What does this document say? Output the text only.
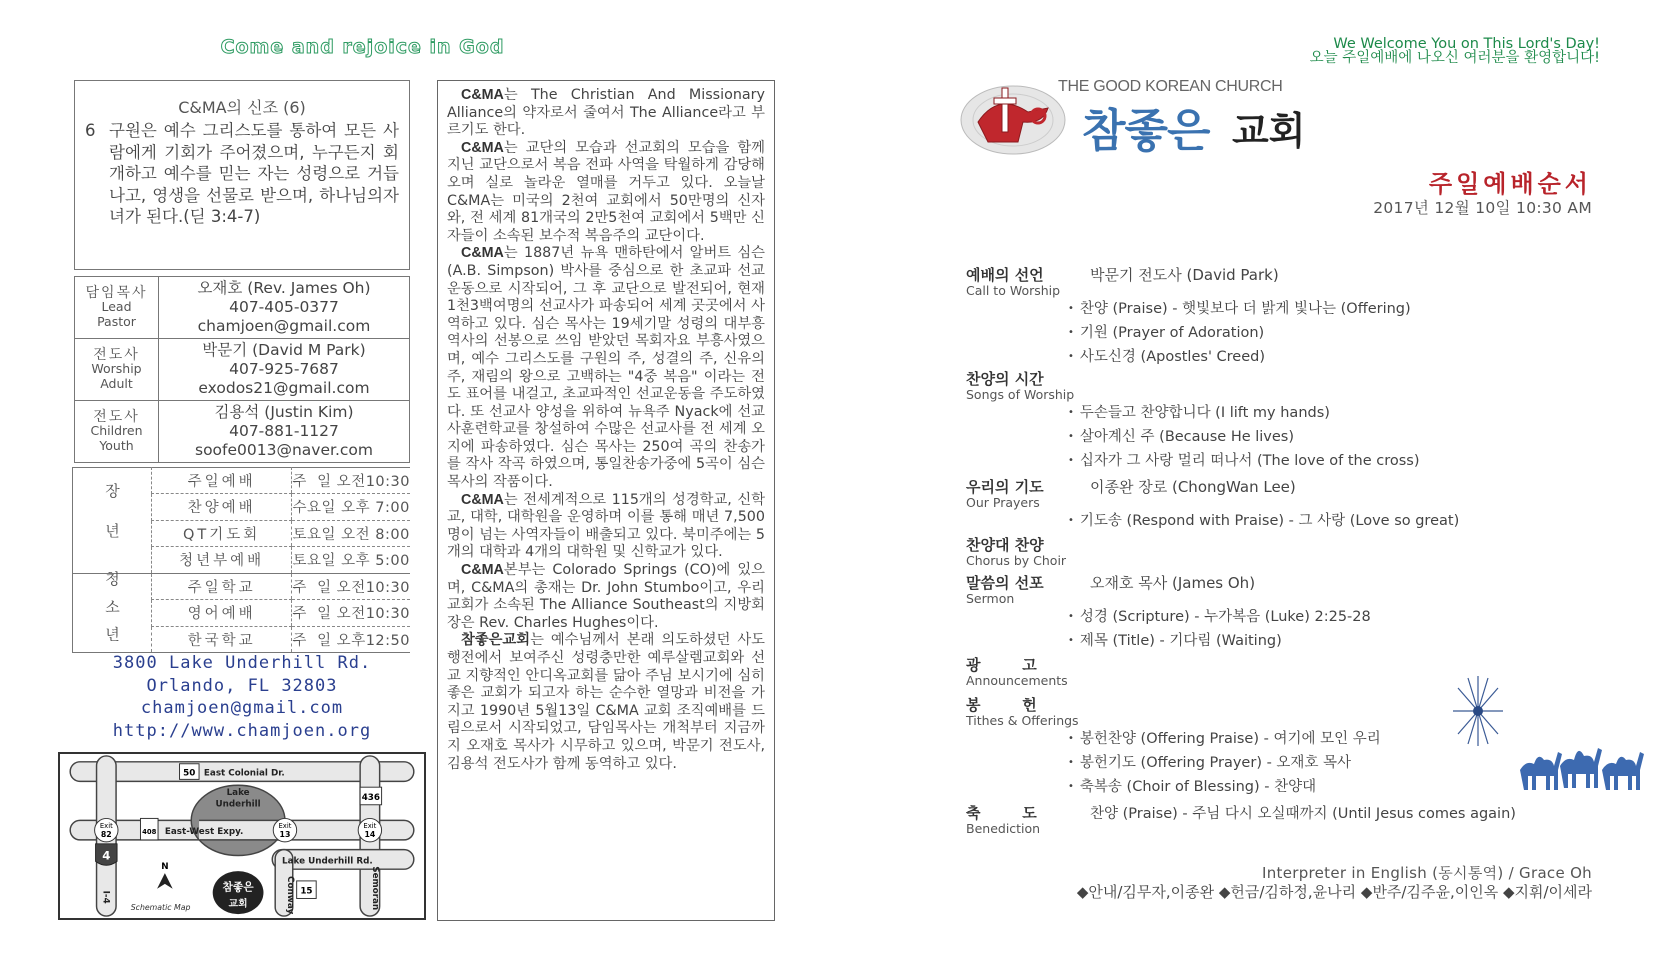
Come and rejoice in God
C&MA의 신조 (6)
6 구원은 예수 그리스도를 통하여 모든 사람에게 기회가 주어졌으며, 누구든지 회개하고 예수를 믿는 자는 성령으로 거듭나고, 영생을 선물로 받으며, 하나님의자녀가 된다.(딛 3:4-7)
담임목사
Lead
Pastor

오재호 (Rev. James Oh)
407-405-0377
chamjoen@gmail.com

전도사
Worship
Adult

박문기 (David M Park)
407-925-7687
exodos21@gmail.com

전도사
Children
Youth

김용석 (Justin Kim)
407-881-1127
soofe0013@naver.com
장 년	주일예배	주  일 오전10:30
	찬양예배	수요일 오후 7:00
	QT기도회	토요일 오전 8:00
	청년부예배	토요일 오후 5:00
청 소 년	주일학교	주  일 오전10:30
	영어예배	주  일 오전10:30
	한국학교	주  일 오후12:50
3800 Lake Underhill Rd.
Orlando, FL 32803
chamjoen@gmail.com
http://www.chamjoen.org
Lake
Underhill
East Colonial Dr.
East-West Expy.
Lake Underhill Rd.
Conway	Semoran
I-4
50
436
408
15
4
Exit
82
Exit
13
Exit
14
N
Schematic Map
참좋은
교회

C&MA는 The Christian And Missionary Alliance의 약자로서 줄여서 The Alliance라고 부르기도 한다.

C&MA는 교단의 모습과 선교회의 모습을 함께 지닌 교단으로서 복음 전파 사역을 탁월하게 감당해 오며 실로 놀라운 열매를 거두고 있다. 오늘날 C&MA는 미국의 2천여 교회에서 50만명의 신자와, 전 세계 81개국의 2만5천여 교회에서 5백만 신자들이 소속된 보수적 복음주의 교단이다.

C&MA는 1887년 뉴욕 맨하탄에서 알버트 심슨 (A.B. Simpson) 박사를 중심으로 한 초교파 선교운동으로 시작되어, 그 후 교단으로 발전되어, 현재 1천3백여명의 선교사가 파송되어 세계 곳곳에서 사역하고 있다. 심슨 목사는 19세기말 성령의 대부흥 역사의 선봉으로 쓰임 받았던 목회자요 부흥사였으며, 예수 그리스도를 구원의 주, 성결의 주, 신유의 주, 재림의 왕으로 고백하는 "4중 복음" 이라는 전도 표어를 내걸고, 초교파적인 선교운동을 주도하였다. 또 선교사 양성을 위하여 뉴욕주 Nyack에 선교사훈련학교를 창설하여 수많은 선교사를 전 세계 오지에 파송하였다. 심슨 목사는 250여 곡의 찬송가를 작사 작곡 하였으며, 통일찬송가중에 5곡이 심슨 목사의 작품이다.

C&MA는 전세계적으로 115개의 성경학교, 신학교, 대학, 대학원을 운영하며 이를 통해 매년 7,500명이 넘는 사역자들이 배출되고 있다. 북미주에는 5개의 대학과 4개의 대학원 및 신학교가 있다.

C&MA본부는 Colorado Springs (CO)에 있으며, C&MA의 총재는 Dr. John Stumbo이고, 우리 교회가 소속된 The Alliance Southeast의 지방회장은 Rev. Charles Hughes이다.

참좋은교회는 예수님께서 본래 의도하셨던 사도행전에서 보여주신 성령충만한 예루살렘교회와 선교 지향적인 안디옥교회를 닮아 주님 보시기에 심히 좋은 교회가 되고자 하는 순수한 열망과 비전을 가지고 1990년 5월13일 C&MA 교회 조직예배를 드림으로서 시작되었고, 담임목사는 개척부터 지금까지 오재호 목사가 시무하고 있으며, 박문기 전도사, 김용석 전도사가 함께 동역하고 있다.

We Welcome You on This Lord's Day!
오늘 주일예배에 나오신 여러분을 환영합니다!
THE GOOD KOREAN CHURCH
참좋은 교회
주일예배순서
2017년 12월 10일 10:30 AM
예배의 선언	박문기 전도사 (David Park)
Call to Worship
• 찬양 (Praise) - 햇빛보다 더 밝게 빛나는 (Offering)
• 기원 (Prayer of Adoration)
• 사도신경 (Apostles' Creed)
찬양의 시간
Songs of Worship
• 두손들고 찬양합니다 (I lift my hands)
• 살아계신 주 (Because He lives)
• 십자가 그 사랑 멀리 떠나서 (The love of the cross)
우리의 기도	이종완 장로 (ChongWan Lee)
Our Prayers
• 기도송 (Respond with Praise) - 그 사랑 (Love so great)
찬양대 찬양
Chorus by Choir
말씀의 선포	오재호 목사 (James Oh)
Sermon
• 성경 (Scripture) - 누가복음 (Luke) 2:25-28
• 제목 (Title) - 기다림 (Waiting)
광        고
Announcements
봉        헌
Tithes & Offerings
• 봉헌찬양 (Offering Praise) - 여기에 모인 우리
• 봉헌기도 (Offering Prayer) - 오재호 목사
• 축복송 (Choir of Blessing) - 찬양대
축        도	찬양 (Praise) - 주님 다시 오실때까지 (Until Jesus comes again)
Benediction
Interpreter in English (동시통역) / Grace Oh
◆안내/김무자,이종완 ◆헌금/김하정,윤나리 ◆반주/김주윤,이인옥 ◆지휘/이세라
